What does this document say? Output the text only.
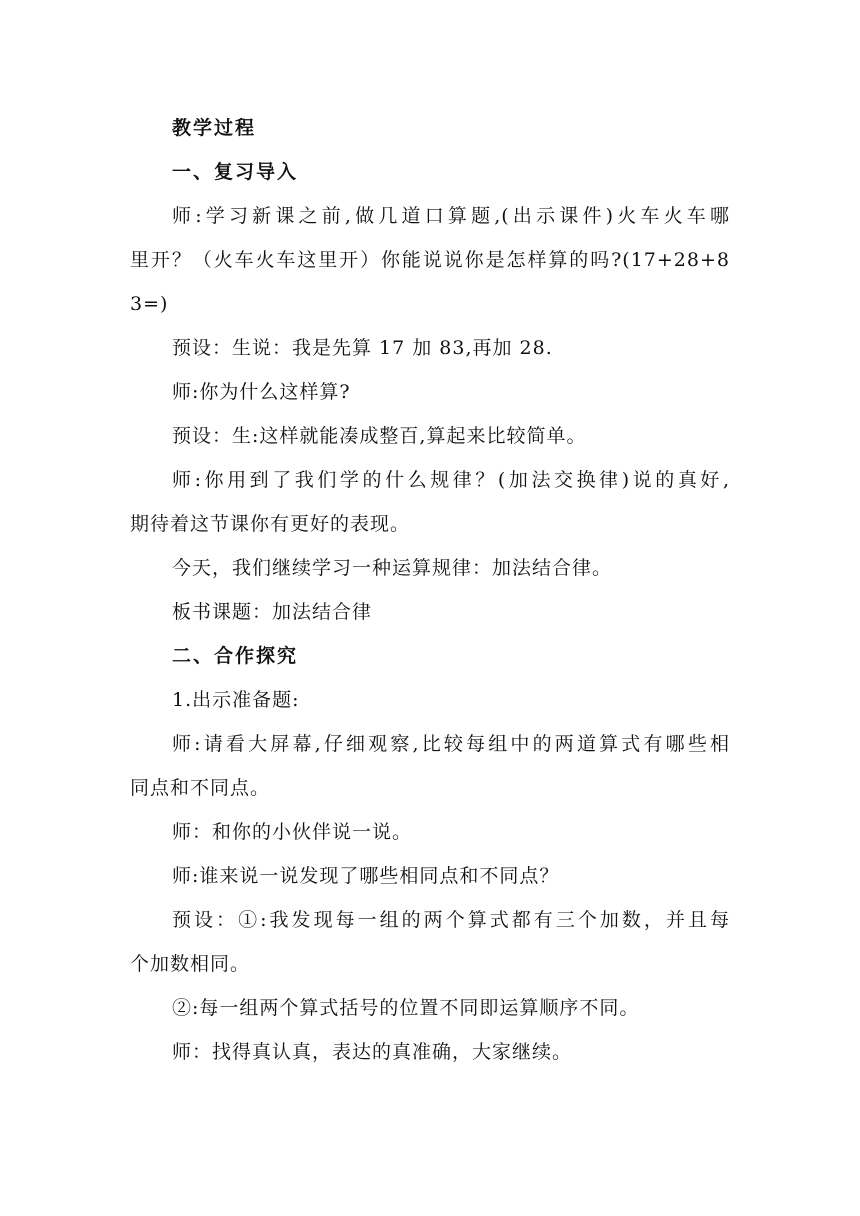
教学过程
一、复习导入
师:学习新课之前,做几道口算题,(出示课件)火车火车哪
里开？（火车火车这里开）你能说说你是怎样算的吗?(17+28+8
3=)
预设：生说：我是先算 17 加 83,再加 28.
师:你为什么这样算?
预设：生:这样就能凑成整百,算起来比较简单。
师:你用到了我们学的什么规律？(加法交换律)说的真好,
期待着这节课你有更好的表现。
今天，我们继续学习一种运算规律：加法结合律。
板书课题：加法结合律
二、合作探究
1.出示准备题:
师:请看大屏幕,仔细观察,比较每组中的两道算式有哪些相
同点和不同点。
师：和你的小伙伴说一说。
师:谁来说一说发现了哪些相同点和不同点？
预设：①:我发现每一组的两个算式都有三个加数，并且每
个加数相同。
②:每一组两个算式括号的位置不同即运算顺序不同。
师：找得真认真，表达的真准确，大家继续。
